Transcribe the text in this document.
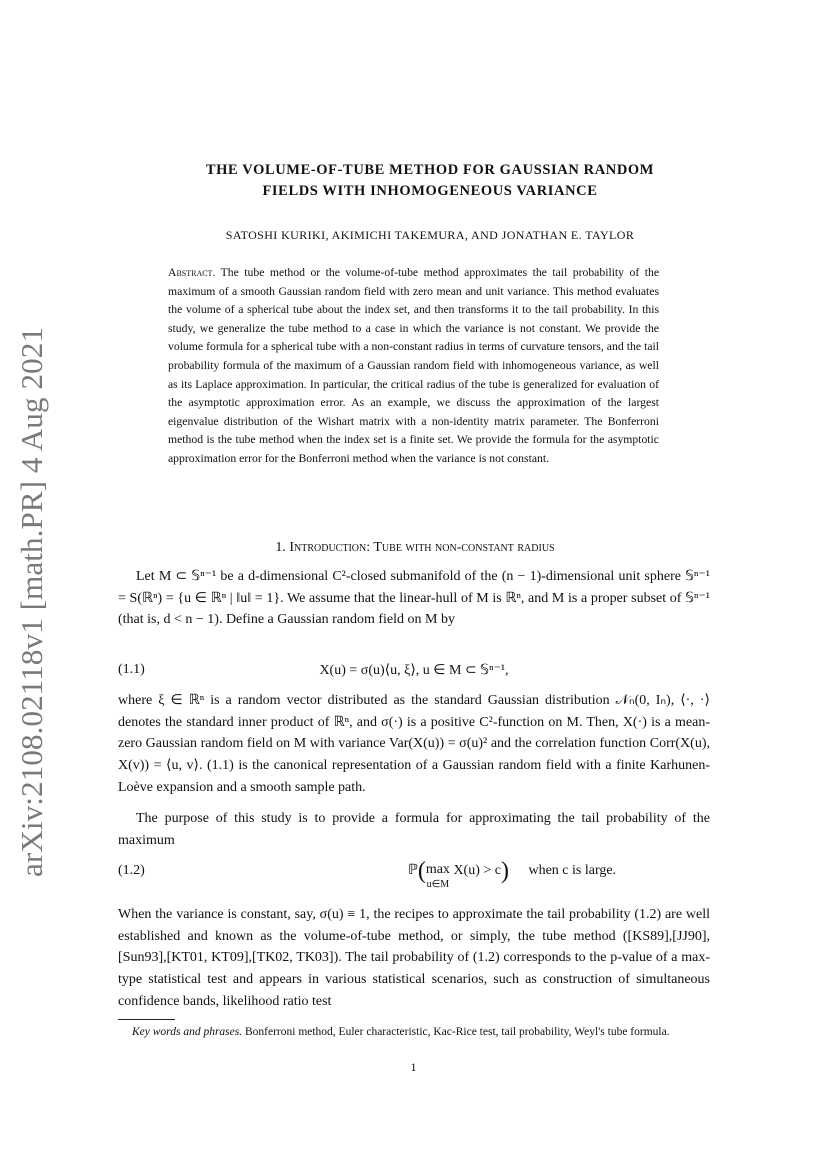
arXiv:2108.02118v1 [math.PR] 4 Aug 2021
THE VOLUME-OF-TUBE METHOD FOR GAUSSIAN RANDOM
FIELDS WITH INHOMOGENEOUS VARIANCE
SATOSHI KURIKI, AKIMICHI TAKEMURA, AND JONATHAN E. TAYLOR
Abstract. The tube method or the volume-of-tube method approximates the tail probability of the maximum of a smooth Gaussian random field with zero mean and unit variance. This method evaluates the volume of a spherical tube about the index set, and then transforms it to the tail probability. In this study, we generalize the tube method to a case in which the variance is not constant. We provide the volume formula for a spherical tube with a non-constant radius in terms of curvature tensors, and the tail probability formula of the maximum of a Gaussian random field with inhomogeneous variance, as well as its Laplace approximation. In particular, the critical radius of the tube is generalized for evaluation of the asymptotic approximation error. As an example, we discuss the approximation of the largest eigenvalue distribution of the Wishart matrix with a non-identity matrix parameter. The Bonferroni method is the tube method when the index set is a finite set. We provide the formula for the asymptotic approximation error for the Bonferroni method when the variance is not constant.
1. Introduction: Tube with non-constant radius
Let M ⊂ 𝕊ⁿ⁻¹ be a d-dimensional C²-closed submanifold of the (n − 1)-dimensional unit sphere 𝕊ⁿ⁻¹ = S(ℝⁿ) = {u ∈ ℝⁿ | ‖u‖ = 1}. We assume that the linear-hull of M is ℝⁿ, and M is a proper subset of 𝕊ⁿ⁻¹ (that is, d < n − 1). Define a Gaussian random field on M by
(1.1)	X(u) = σ(u)⟨u, ξ⟩, u ∈ M ⊂ 𝕊ⁿ⁻¹,
where ξ ∈ ℝⁿ is a random vector distributed as the standard Gaussian distribution 𝒩ₙ(0, Iₙ), ⟨·, ·⟩ denotes the standard inner product of ℝⁿ, and σ(·) is a positive C²-function on M. Then, X(·) is a mean-zero Gaussian random field on M with variance Var(X(u)) = σ(u)² and the correlation function Corr(X(u), X(v)) = ⟨u, v⟩. (1.1) is the canonical representation of a Gaussian random field with a finite Karhunen-Loève expansion and a smooth sample path.
The purpose of this study is to provide a formula for approximating the tail probability of the maximum
(1.2)	ℙ(max
u∈M X(u) > c) when c is large.
When the variance is constant, say, σ(u) ≡ 1, the recipes to approximate the tail probability (1.2) are well established and known as the volume-of-tube method, or simply, the tube method ([KS89],[JJ90],[Sun93],[KT01, KT09],[TK02, TK03]). The tail probability of (1.2) corresponds to the p-value of a max-type statistical test and appears in various statistical scenarios, such as construction of simultaneous confidence bands, likelihood ratio test
Key words and phrases. Bonferroni method, Euler characteristic, Kac-Rice test, tail probability, Weyl's tube formula.
1
